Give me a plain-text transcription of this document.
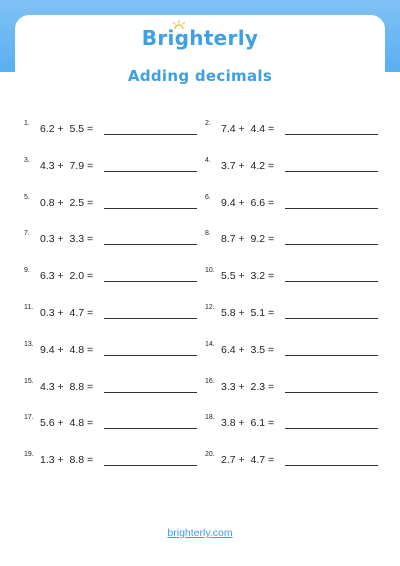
Brighterly
Adding decimals
1. 6.2 +  5.5 =	2. 7.4 +  4.4 =
3. 4.3 +  7.9 =	4. 3.7 +  4.2 =
5. 0.8 +  2.5 =	6. 9.4 +  6.6 =
7. 0.3 +  3.3 =	8. 8.7 +  9.2 =
9. 6.3 +  2.0 =	10. 5.5 +  3.2 =
11. 0.3 +  4.7 =	12. 5.8 +  5.1 =
13. 9.4 +  4.8 =	14. 6.4 +  3.5 =
15. 4.3 +  8.8 =	16. 3.3 +  2.3 =
17. 5.6 +  4.8 =	18. 3.8 +  6.1 =
19. 1.3 +  8.8 =	20. 2.7 +  4.7 =
brighterly.com
